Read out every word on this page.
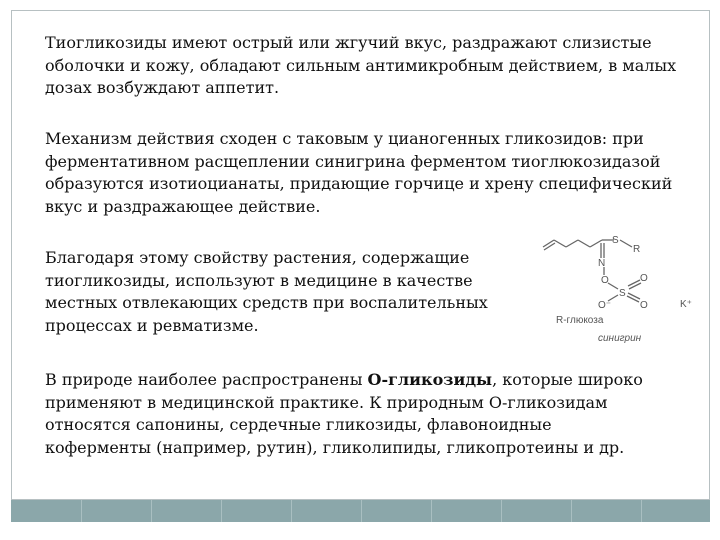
Тиогликозиды имеют острый или жгучий вкус, раздражают слизистые оболочки и кожу, обладают сильным антимикробным действием, в малых дозах возбуждают аппетит.

Механизм действия сходен с таковым у цианогенных гликозидов: при ферментативном расщеплении синигрина ферментом тиоглюкозидазой образуются изотиоцианаты, придающие горчице и хрену специфический вкус и раздражающее действие.

Благодаря этому свойству растения, содержащие тиогликозиды, используют в медицине в качестве местных отвлекающих средств при воспалительных процессах и ревматизме.

В природе наиболее распространены О-гликозиды, которые широко применяют в медицинской практике. К природным О-гликозидам относятся сапонины, сердечные гликозиды, флавоноидные коферменты (например, рутин), гликолипиды, гликопротеины и др.

S
R
N
O
S
O
O
O⁻	K⁺
R-глюкоза
синигрин
